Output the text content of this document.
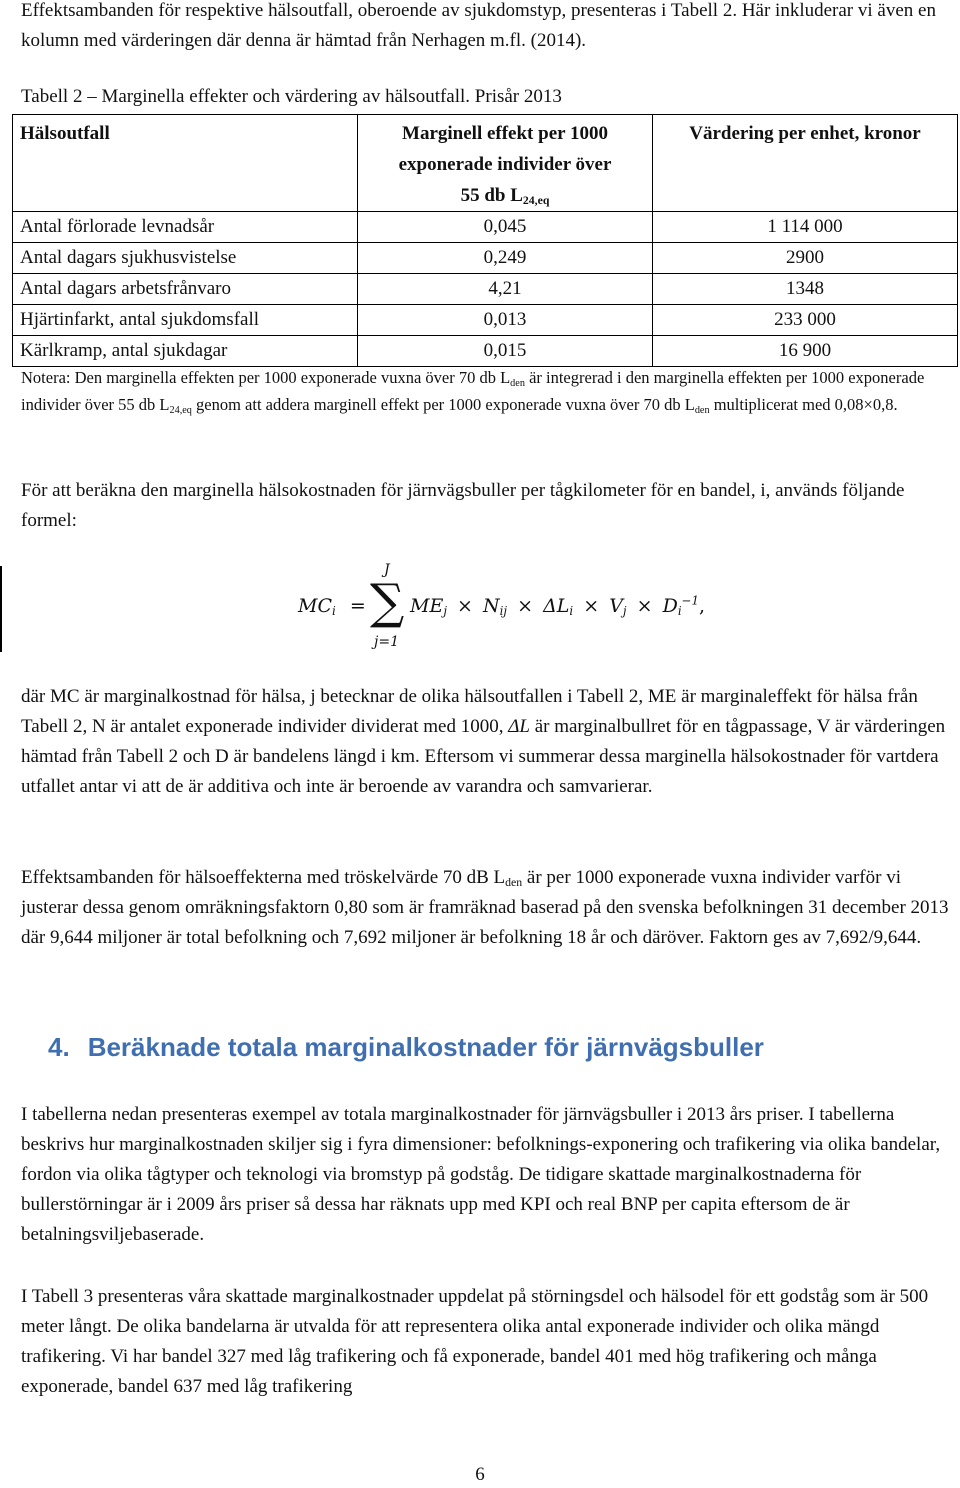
Effektsambanden för respektive hälsoutfall, oberoende av sjukdomstyp, presenteras i Tabell 2. Här inkluderar vi även en kolumn med värderingen där denna är hämtad från Nerhagen m.fl. (2014).

Tabell 2 – Marginella effekter och värdering av hälsoutfall. Prisår 2013

Hälsoutfall	Marginell effekt per 1000
exponerade individer över
55 db $L_{24,eq}$	Värdering per enhet, kronor
Antal förlorade levnadsår	0,045	1 114 000
Antal dagars sjukhusvistelse	0,249	2900
Antal dagars arbetsfrånvaro	4,21	1348
Hjärtinfarkt, antal sjukdomsfall	0,013	233 000
Kärlkramp, antal sjukdagar	0,015	16 900

Notera: Den marginella effekten per 1000 exponerade vuxna över 70 db $L_{den}$ är integrerad i den marginella effekten per 1000 exponerade individer över 55 db $L_{24,eq}$ genom att addera marginell effekt per 1000 exponerade vuxna över 70 db $L_{den}$ multiplicerat med 0,08×0,8.

För att beräkna den marginella hälsokostnaden för järnvägsbuller per tågkilometer för en bandel, i, används följande formel:

$MC_i$ =
J
∑
j=1
$ME_j \times N_{ij} \times \Delta L_i \times V_j \times D_i^{-1}$,

där MC är marginalkostnad för hälsa, j betecknar de olika hälsoutfallen i Tabell 2, ME är marginaleffekt för hälsa från Tabell 2, N är antalet exponerade individer dividerat med 1000, ΔL är marginalbullret för en tågpassage, V är värderingen hämtad från Tabell 2 och D är bandelens längd i km. Eftersom vi summerar dessa marginella hälsokostnader för vartdera utfallet antar vi att de är additiva och inte är beroende av varandra och samvarierar.

Effektsambanden för hälsoeffekterna med tröskelvärde 70 dB $L_{den}$ är per 1000 exponerade vuxna individer varför vi justerar dessa genom omräkningsfaktorn 0,80 som är framräknad baserad på den svenska befolkningen 31 december 2013 där 9,644 miljoner är total befolkning och 7,692 miljoner är befolkning 18 år och däröver. Faktorn ges av 7,692/9,644.

4. Beräknade totala marginalkostnader för järnvägsbuller

I tabellerna nedan presenteras exempel av totala marginalkostnader för järnvägsbuller i 2013 års priser. I tabellerna beskrivs hur marginalkostnaden skiljer sig i fyra dimensioner: befolknings-exponering och trafikering via olika bandelar, fordon via olika tågtyper och teknologi via bromstyp på godståg. De tidigare skattade marginalkostnaderna för bullerstörningar är i 2009 års priser så dessa har räknats upp med KPI och real BNP per capita eftersom de är betalningsviljebaserade.

I Tabell 3 presenteras våra skattade marginalkostnader uppdelat på störningsdel och hälsodel för ett godståg som är 500 meter långt. De olika bandelarna är utvalda för att representera olika antal exponerade individer och olika mängd trafikering. Vi har bandel 327 med låg trafikering och få exponerade, bandel 401 med hög trafikering och många exponerade, bandel 637 med låg trafikering

6
